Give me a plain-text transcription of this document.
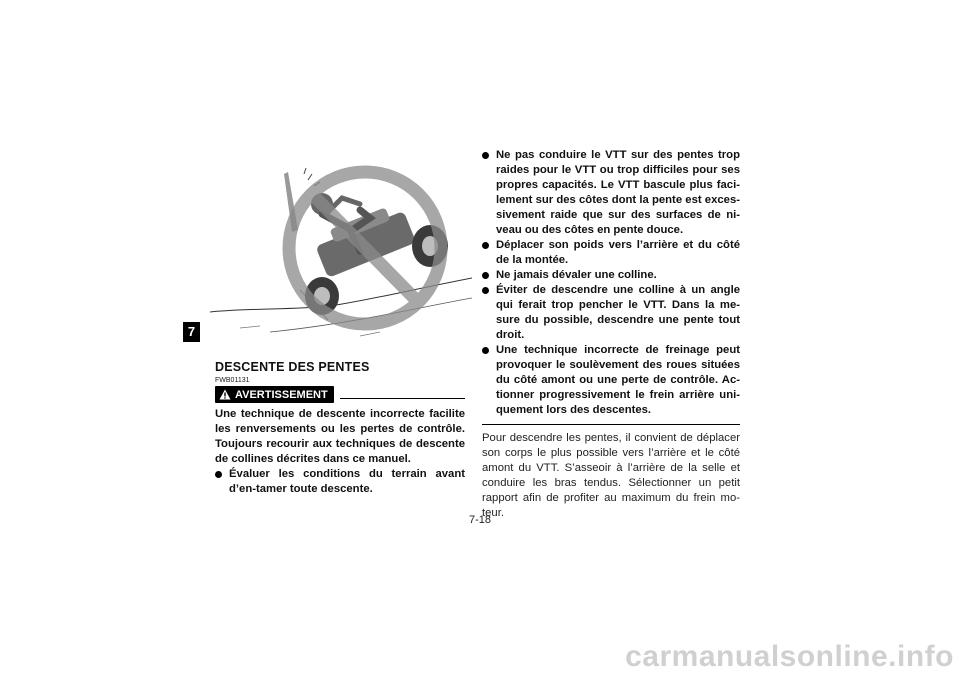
7
DESCENTE DES PENTES
FWB01131
AVERTISSEMENT
Une technique de descente incorrecte facilite les renversements ou les pertes de contrôle. Toujours recourir aux techniques de descente de collines décrites dans ce manuel.
Évaluer les conditions du terrain avant d’en-tamer toute descente.
Ne pas conduire le VTT sur des pentes trop raides pour le VTT ou trop difficiles pour ses propres capacités. Le VTT bascule plus faci-lement sur des côtes dont la pente est exces-sivement raide que sur des surfaces de ni-veau ou des côtes en pente douce.
Déplacer son poids vers l’arrière et du côté de la montée.
Ne jamais dévaler une colline.
Éviter de descendre une colline à un angle qui ferait trop pencher le VTT. Dans la me-sure du possible, descendre une pente tout droit.
Une technique incorrecte de freinage peut provoquer le soulèvement des roues situées du côté amont ou une perte de contrôle. Ac-tionner progressivement le frein arrière uni-quement lors des descentes.
Pour descendre les pentes, il convient de déplacer son corps le plus possible vers l’arrière et le côté amont du VTT. S’asseoir à l’arrière de la selle et conduire les bras tendus. Sélectionner un petit rapport afin de profiter au maximum du frein mo-teur.
7-18
carmanualsonline.info
